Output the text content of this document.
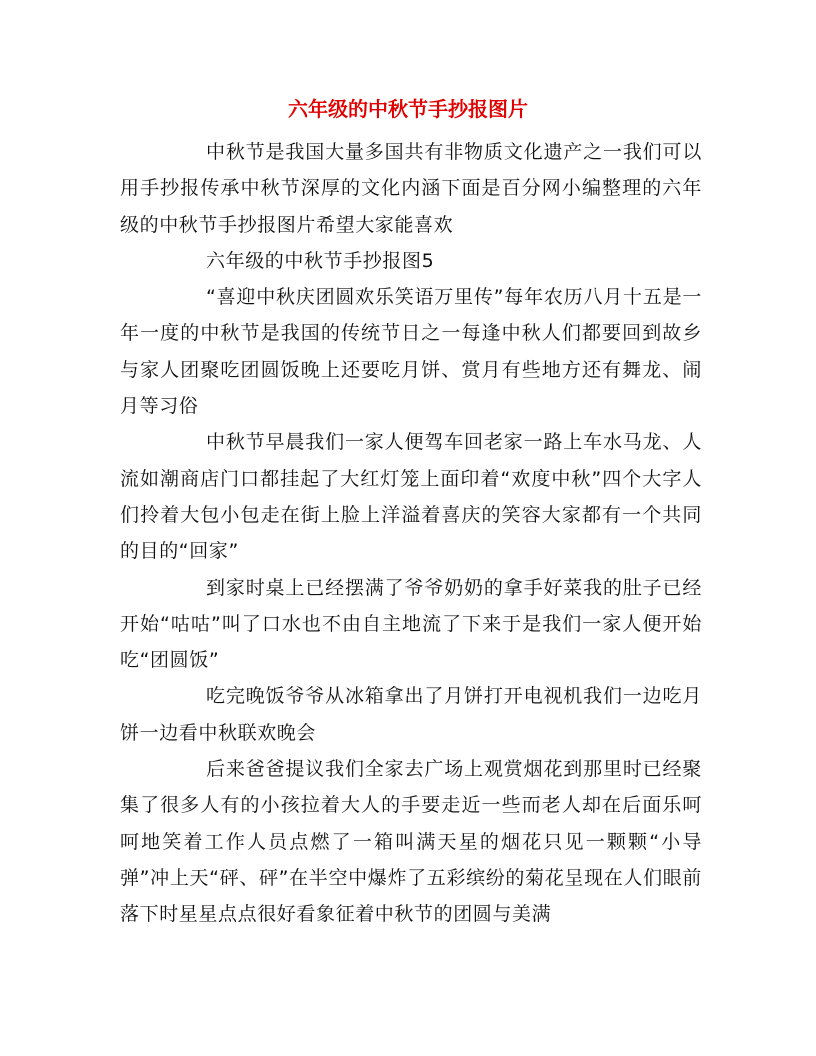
六年级的中秋节手抄报图片

中秋节是我国大量多国共有非物质文化遗产之一我们可以用手抄报传承中秋节深厚的文化内涵下面是百分网小编整理的六年级的中秋节手抄报图片希望大家能喜欢

六年级的中秋节手抄报图5

“喜迎中秋庆团圆欢乐笑语万里传”每年农历八月十五是一年一度的中秋节是我国的传统节日之一每逢中秋人们都要回到故乡与家人团聚吃团圆饭晚上还要吃月饼、赏月有些地方还有舞龙、闹月等习俗

中秋节早晨我们一家人便驾车回老家一路上车水马龙、人流如潮商店门口都挂起了大红灯笼上面印着“欢度中秋”四个大字人们拎着大包小包走在街上脸上洋溢着喜庆的笑容大家都有一个共同的目的“回家”

到家时桌上已经摆满了爷爷奶奶的拿手好菜我的肚子已经开始“咕咕”叫了口水也不由自主地流了下来于是我们一家人便开始吃“团圆饭”

吃完晚饭爷爷从冰箱拿出了月饼打开电视机我们一边吃月饼一边看中秋联欢晚会

后来爸爸提议我们全家去广场上观赏烟花到那里时已经聚集了很多人有的小孩拉着大人的手要走近一些而老人却在后面乐呵呵地笑着工作人员点燃了一箱叫满天星的烟花只见一颗颗“小导弹”冲上天“砰、砰”在半空中爆炸了五彩缤纷的菊花呈现在人们眼前落下时星星点点很好看象征着中秋节的团圆与美满
